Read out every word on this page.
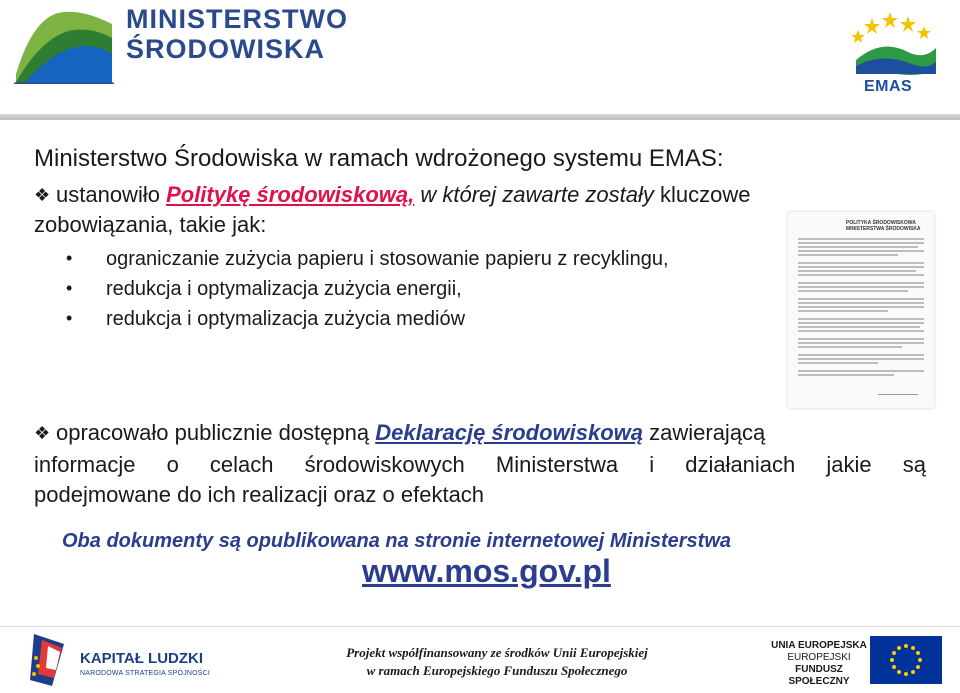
MINISTERSTWO
ŚRODOWISKA
EMAS
Ministerstwo Środowiska w ramach wdrożonego systemu EMAS:
❖ ustanowiło Politykę środowiskową, w której zawarte zostały kluczowe
zobowiązania, takie jak:
• ograniczanie zużycia papieru i stosowanie papieru z recyklingu,
• redukcja i optymalizacja zużycia energii,
• redukcja i optymalizacja zużycia mediów
POLITYKA ŚRODOWISKOWA
MINISTERSTWA ŚRODOWISKA
❖ opracowało publicznie dostępną Deklarację środowiskową zawierającą
informacje o celach środowiskowych Ministerstwa i działaniach jakie są
podejmowane do ich realizacji oraz o efektach
Oba dokumenty są opublikowana na stronie internetowej Ministerstwa
www.mos.gov.pl
KAPITAŁ LUDZKI
NARODOWA STRATEGIA SPÓJNOŚCI
Projekt współfinansowany ze środków Unii Europejskiej
w ramach Europejskiego Funduszu Społecznego
UNIA EUROPEJSKA
EUROPEJSKI
FUNDUSZ SPOŁECZNY
